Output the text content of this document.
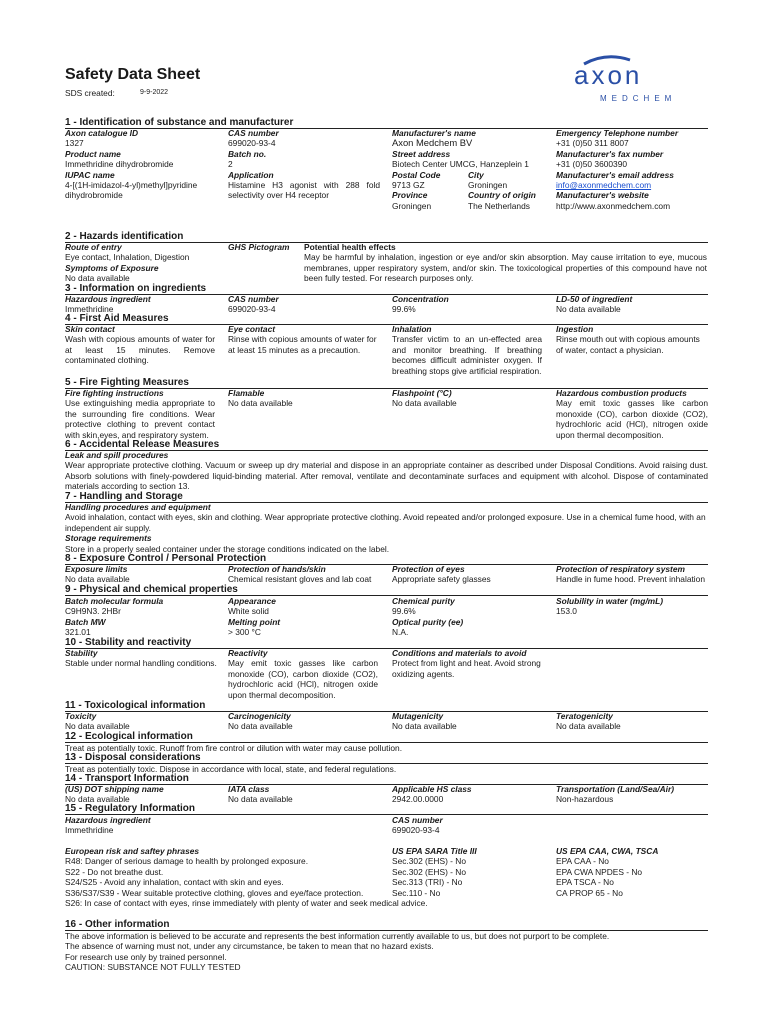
Safety Data Sheet
SDS created:	9-9-2022
axon
MEDCHEM
1 - Identification of substance and manufacturer
Axon catalogue ID
1327
Product name
Immethridine dihydrobromide
IUPAC name
4-[(1H-imidazol-4-yl)methyl]pyridine dihydrobromide
CAS number
699020-93-4
Batch no.
2
Application
Histamine H3 agonist with 288 fold selectivity over H4 receptor
Manufacturer's name
Axon Medchem BV
Street address
Biotech Center UMCG, Hanzeplein 1
Postal Code
9713 GZ
Province
Groningen
City
Groningen
Country of origin
The Netherlands
Emergency Telephone number
+31 (0)50 311 8007
Manufacturer's fax number
+31 (0)50 3600390
Manufacturer's email address
info@axonmedchem.com
Manufacturer's website
http://www.axonmedchem.com
2 - Hazards identification
Route of entry
Eye contact, Inhalation, Digestion
Symptoms of Exposure
No data available
GHS Pictogram Potential health effects
May be harmful by inhalation, ingestion or eye and/or skin absorption. May cause irritation to eye, mucous membranes, upper respiratory system, and/or skin. The toxicological properties of this compound have not been fully tested. For research purposes only.
3 - Information on ingredients
Hazardous ingredient
Immethridine
CAS number
699020-93-4
Concentration
99.6%
LD-50 of ingredient
No data available
4 - First Aid Measures
Skin contact
Wash with copious amounts of water for at least 15 minutes. Remove contaminated clothing.
Eye contact
Rinse with copious amounts of water for at least 15 minutes as a precaution.
Inhalation
Transfer victim to an un-effected area and monitor breathing. If breathing becomes difficult administer oxygen. If breathing stops give artificial respiration.
Ingestion
Rinse mouth out with copious amounts of water, contact a physician.
5 - Fire Fighting Measures
Fire fighting instructions
Use extinguishing media appropriate to the surrounding fire conditions. Wear protective clothing to prevent contact with skin,eyes, and respiratory system.
Flamable
No data available
Flashpoint (°C)
No data available
Hazardous combustion products
May emit toxic gasses like carbon monoxide (CO), carbon dioxide (CO2), hydrochloric acid (HCl), nitrogen oxide upon thermal decomposition.
6 - Accidental Release Measures
Leak and spill procedures
Wear appropriate protective clothing. Vacuum or sweep up dry material and dispose in an appropriate container as described under Disposal Conditions. Avoid raising dust. Absorb solutions with finely-powdered liquid-binding material. After removal, ventilate and decontaminate surfaces and equipment with alcohol. Dispose of contaminated materials according to section 13.
7 - Handling and Storage
Handling procedures and equipment
Avoid inhalation, contact with eyes, skin and clothing. Wear appropriate protective clothing. Avoid repeated and/or prolonged exposure. Use in a chemical fume hood, with an independent air supply.
Storage requirements
Store in a properly sealed container under the storage conditions indicated on the label.
8 - Exposure Control / Personal Protection
Exposure limits
No data available
Protection of hands/skin
Chemical resistant gloves and lab coat
Protection of eyes
Appropriate safety glasses
Protection of respiratory system
Handle in fume hood. Prevent inhalation
9 - Physical and chemical properties
Batch molecular formula
C9H9N3. 2HBr
Batch MW
321.01
Appearance
White solid
Melting point
> 300 °C
Chemical purity
99.6%
Optical purity (ee)
N.A.
Solubility in water (mg/mL)
153.0
10 - Stability and reactivity
Stability
Stable under normal handling conditions.
Reactivity
May emit toxic gasses like carbon monoxide (CO), carbon dioxide (CO2), hydrochloric acid (HCl), nitrogen oxide upon thermal decomposition.
Conditions and materials to avoid
Protect from light and heat. Avoid strong oxidizing agents.
11 - Toxicological information
Toxicity
No data available
Carcinogenicity
No data available
Mutagenicity
No data available
Teratogenicity
No data available
12 - Ecological information
Treat as potentially toxic. Runoff from fire control or dilution with water may cause pollution.
13 - Disposal considerations
Treat as potentially toxic. Dispose in accordance with local, state, and federal regulations.
14 - Transport Information
(US) DOT shipping name
No data available
IATA class
No data available
Applicable HS class
2942.00.0000
Transportation (Land/Sea/Air)
Non-hazardous
15 - Regulatory Information
Hazardous ingredient
Immethridine
CAS number
699020-93-4
European risk and saftey phrases
R48: Danger of serious damage to health by prolonged exposure.
S22 - Do not breathe dust.
S24/S25 - Avoid any inhalation, contact with skin and eyes.
S36/S37/S39 - Wear suitable protective clothing, gloves and eye/face protection.
S26: In case of contact with eyes, rinse immediately with plenty of water and seek medical advice.
US EPA SARA Title III
Sec.302 (EHS) - No
Sec.302 (EHS) - No
Sec.313 (TRI) - No
Sec.110 - No
US EPA CAA, CWA, TSCA
EPA CAA - No
EPA CWA NPDES - No
EPA TSCA - No
CA PROP 65 - No
16 - Other information
The above information is believed to be accurate and represents the best information currently available to us, but does not purport to be complete.
The absence of warning must not, under any circumstance, be taken to mean that no hazard exists.
For research use only by trained personnel.
CAUTION: SUBSTANCE NOT FULLY TESTED
